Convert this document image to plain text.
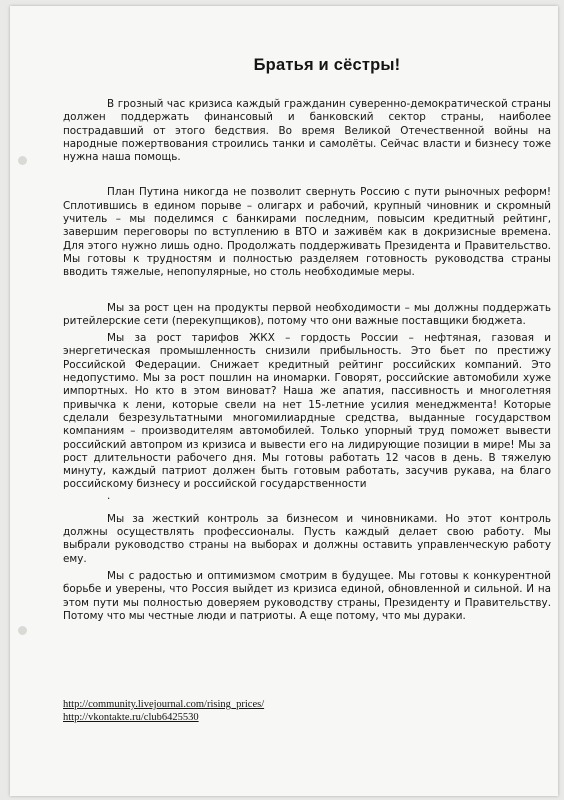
Братья и сёстры!

В грозный час кризиса каждый гражданин суверенно-демократической страны должен поддержать финансовый и банковский сектор страны, наиболее пострадавший от этого бедствия. Во время Великой Отечественной войны на народные пожертвования строились танки и самолёты. Сейчас власти и бизнесу тоже нужна наша помощь.

План Путина никогда не позволит свернуть Россию с пути рыночных реформ! Сплотившись в едином порыве – олигарх и рабочий, крупный чиновник и скромный учитель – мы поделимся с банкирами последним, повысим кредитный рейтинг, завершим переговоры по вступлению в ВТО и заживём как в докризисные времена. Для этого нужно лишь одно. Продолжать поддерживать Президента и Правительство. Мы готовы к трудностям и полностью разделяем готовность руководства страны вводить тяжелые, непопулярные, но столь необходимые меры.

Мы за рост цен на продукты первой необходимости – мы должны поддержать ритейлерские сети (перекупщиков), потому что они важные поставщики бюджета.

Мы за рост тарифов ЖКХ – гордость России – нефтяная, газовая и энергетическая промышленность снизили прибыльность. Это бьет по престижу Российской Федерации. Снижает кредитный рейтинг российских компаний. Это недопустимо. Мы за рост пошлин на иномарки. Говорят, российские автомобили хуже импортных. Но кто в этом виноват? Наша же апатия, пассивность и многолетняя привычка к лени, которые свели на нет 15-летние усилия менеджмента! Которые сделали безрезультатными многомилиардные средства, выданные государством компаниям – производителям автомобилей. Только упорный труд поможет вывести российский автопром из кризиса и вывести его на лидирующие позиции в мире! Мы за рост длительности рабочего дня. Мы готовы работать 12 часов в день. В тяжелую минуту, каждый патриот должен быть готовым работать, засучив рукава, на благо российскому бизнесу и российской государственности

.

Мы за жесткий контроль за бизнесом и чиновниками. Но этот контроль должны осуществлять профессионалы. Пусть каждый делает свою работу. Мы выбрали руководство страны на выборах и должны оставить управленческую работу ему.

Мы с радостью и оптимизмом смотрим в будущее. Мы готовы к конкурентной борьбе и уверены, что Россия выйдет из кризиса единой, обновленной и сильной. И на этом пути мы полностью доверяем руководству страны, Президенту и Правительству. Потому что мы честные люди и патриоты. А еще потому, что мы дураки.

http://community.livejournal.com/rising_prices/
http://vkontakte.ru/club6425530
